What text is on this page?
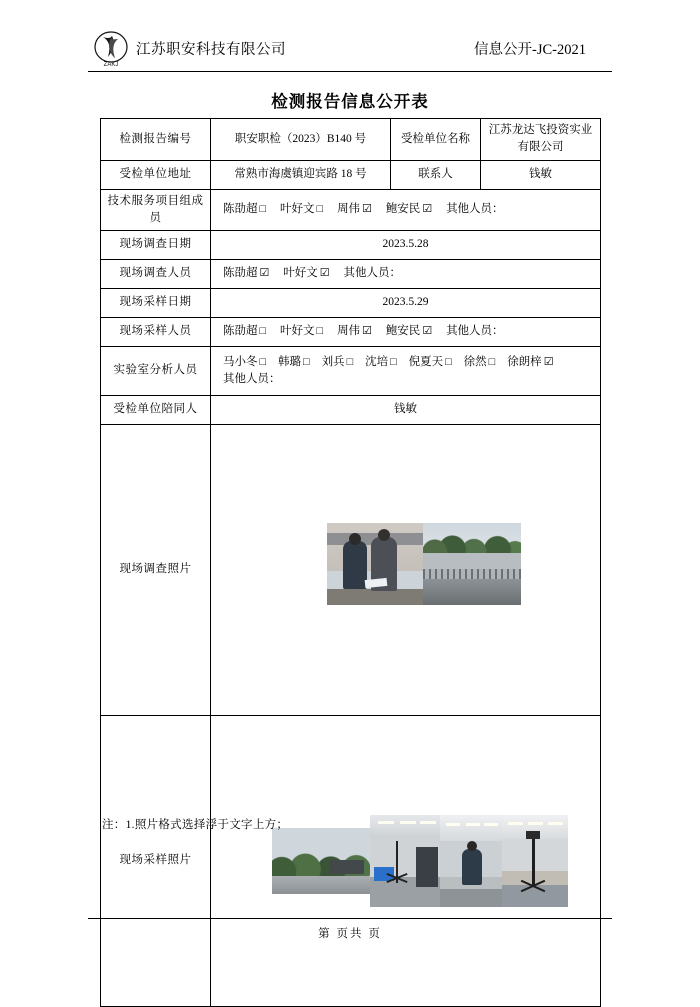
ZAKJ
江苏职安科技有限公司	信息公开-JC-2021
检测报告信息公开表
检测报告编号	职安职检（2023）B140 号	受检单位名称	江苏龙达飞投资实业有限公司
受检单位地址	常熟市海虞镇迎宾路 18 号	联系人	钱敏
技术服务项目组成员	陈劭超 □ 叶好文 □ 周伟 ☑ 鲍安民 ☑ 其他人员：		
现场调查日期	2023.5.28		
现场调查人员	陈劭超 ☑ 叶好文 ☑ 其他人员：		
现场采样日期	2023.5.29		
现场采样人员	陈劭超 □ 叶好文 □ 周伟 ☑ 鲍安民 ☑ 其他人员：		
实验室分析人员	马小冬 □ 韩璐 □ 刘兵 □ 沈培 □ 倪夏天 □ 徐然 □ 徐朗梓 ☑
其他人员：		

受检单位陪同人	钱敏		
现场调查照片			

现场采样照片			
注：1.照片格式选择浮于文字上方；
第 页共 页
